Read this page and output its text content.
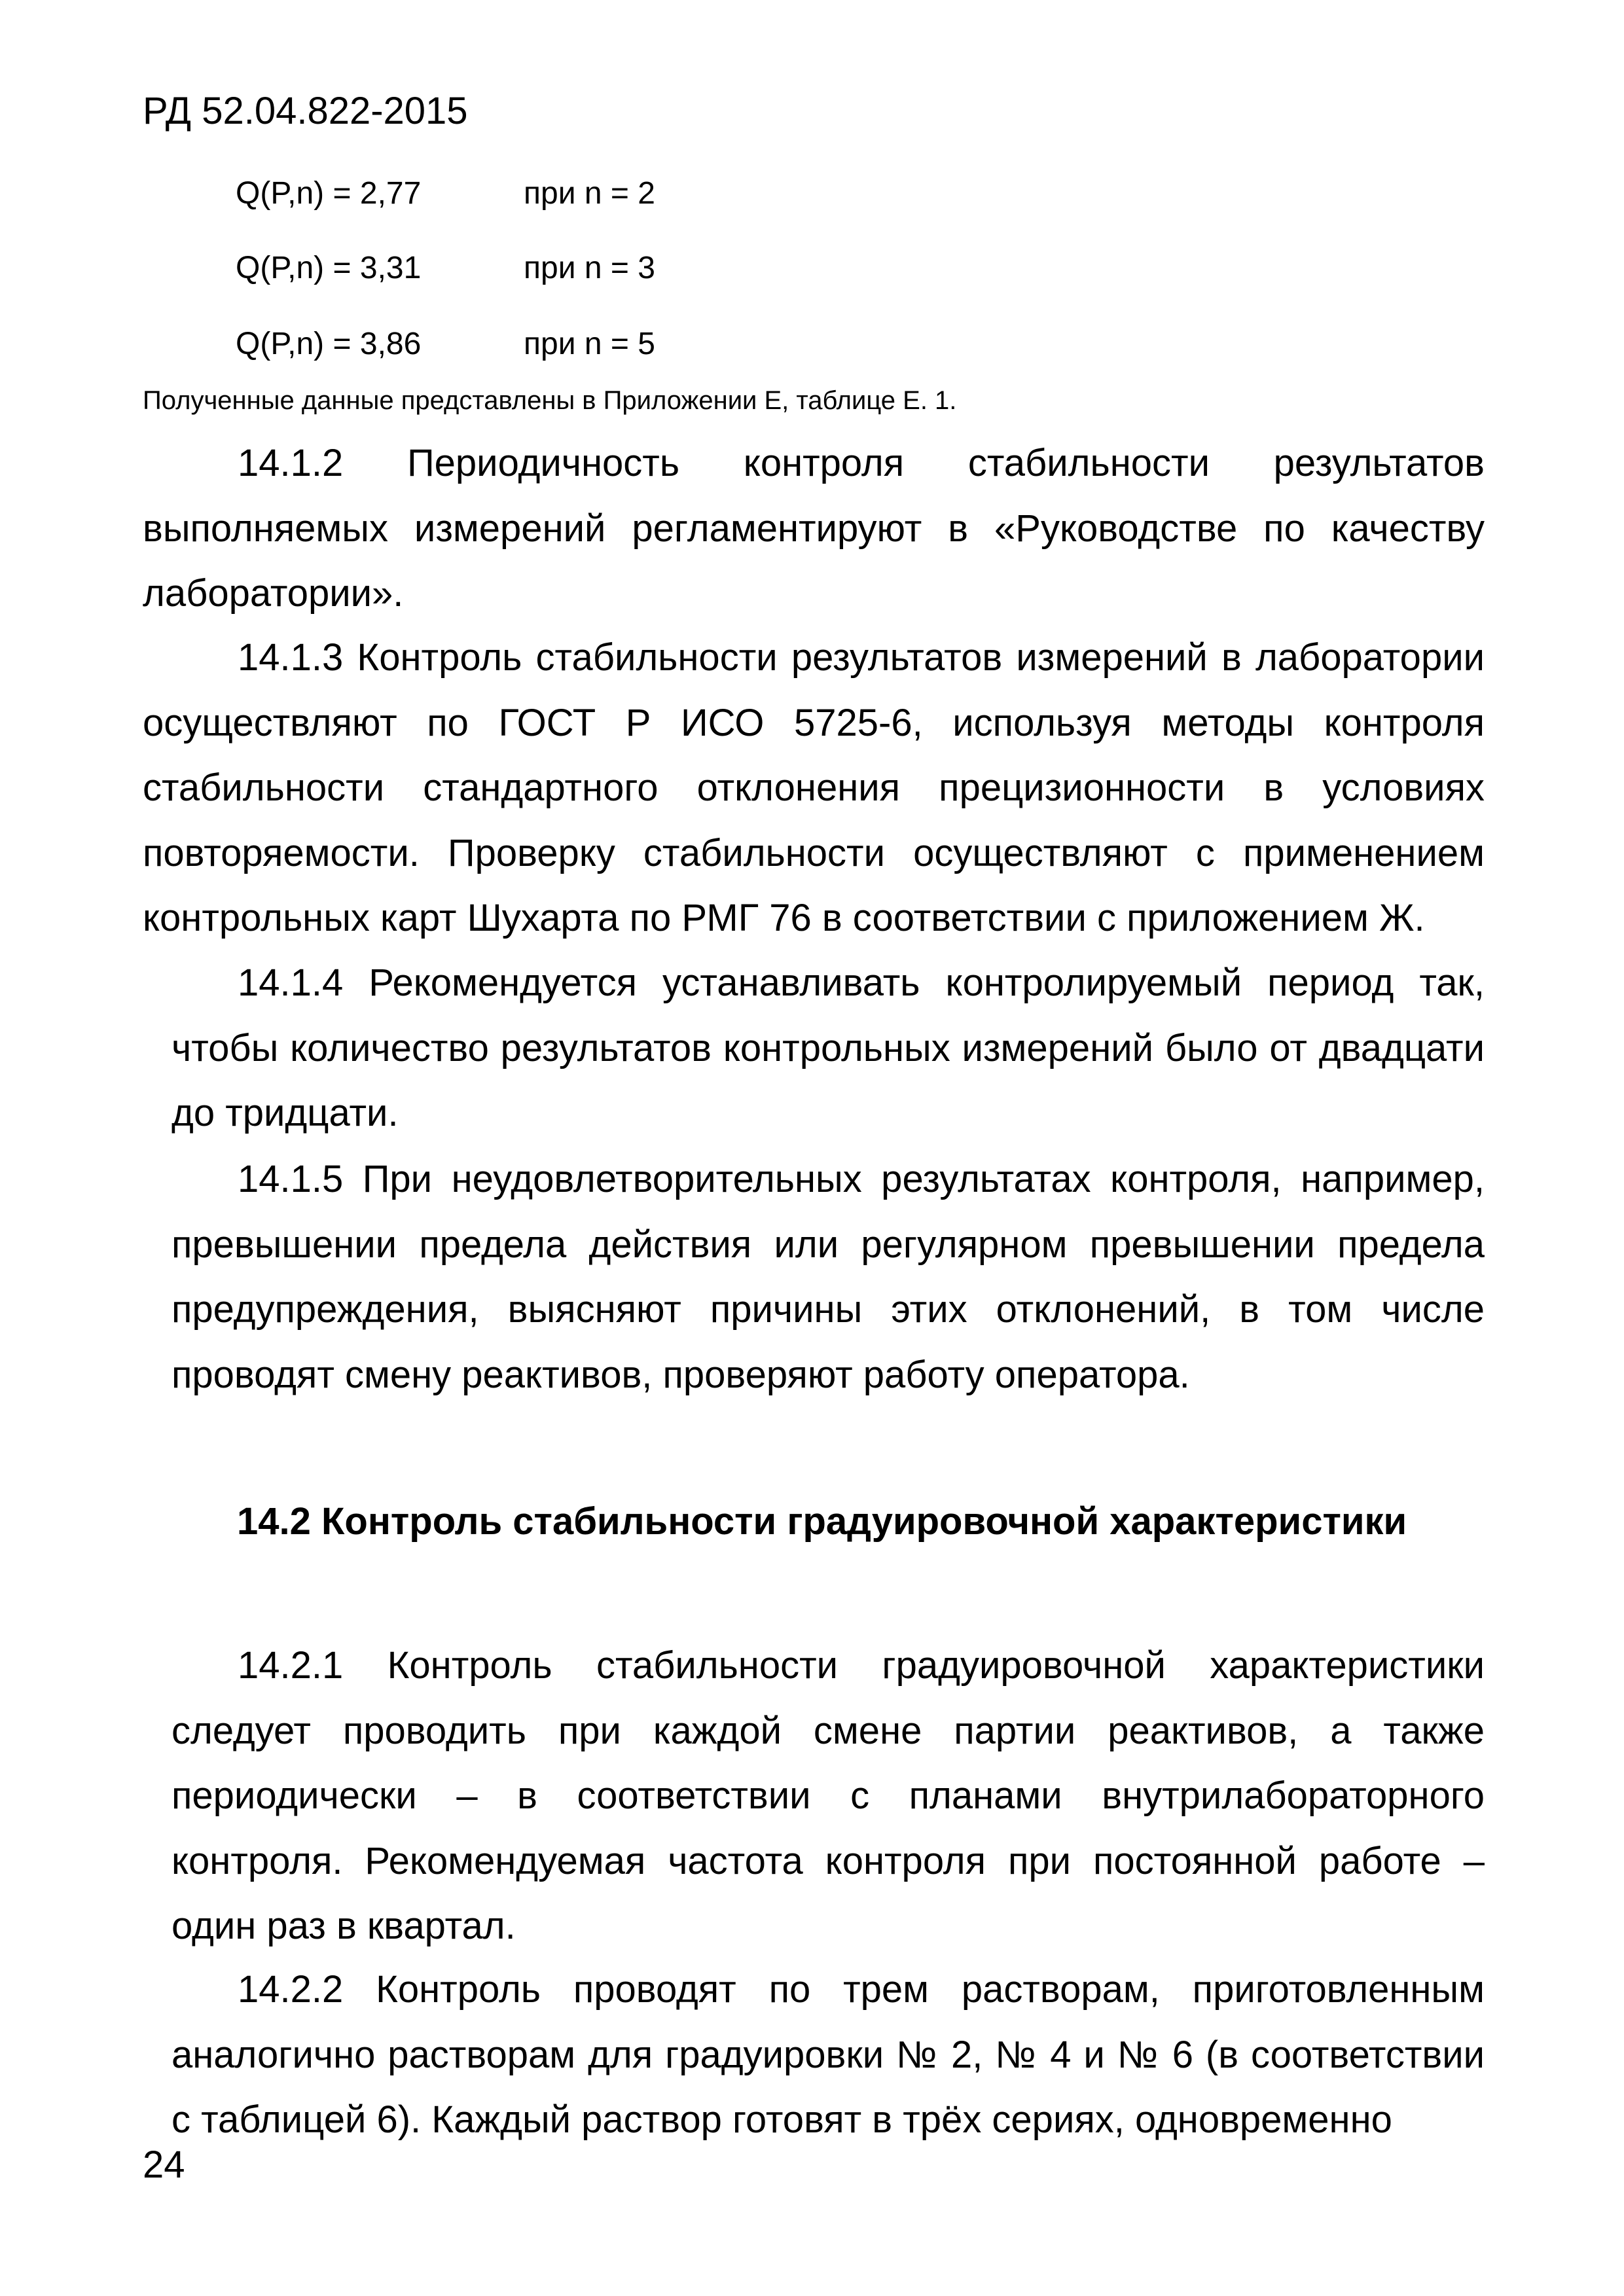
РД 52.04.822-2015
Q(P,n) = 2,77	при n = 2
Q(P,n) = 3,31	при n = 3
Q(P,n) = 3,86	при n = 5
Полученные данные представлены в Приложении Е, таблице Е. 1.

14.1.2 Периодичность контроля стабильности результатов выполняемых измерений регламентируют в «Руководстве по качеству лаборатории».

14.1.3 Контроль стабильности результатов измерений в лаборатории осуществляют по ГОСТ Р ИСО 5725-6, используя методы контроля стабильности стандартного отклонения прецизионности в условиях повторяемости. Проверку стабильности осуществляют с применением контрольных карт Шухарта по РМГ 76 в соответствии с приложением Ж.

14.1.4 Рекомендуется устанавливать контролируемый период так, чтобы количество результатов контрольных измерений было от двадцати до тридцати.

14.1.5 При неудовлетворительных результатах контроля, например, превышении предела действия или регулярном превышении предела предупреждения, выясняют причины этих отклонений, в том числе проводят смену реактивов, проверяют работу оператора.

14.2 Контроль стабильности градуировочной характеристики

14.2.1 Контроль стабильности градуировочной характеристики следует проводить при каждой смене партии реактивов, а также периодически – в соответствии с планами внутрилабораторного контроля. Рекомендуемая частота контроля при постоянной работе – один раз в квартал.

14.2.2 Контроль проводят по трем растворам, приготовленным аналогично растворам для градуировки № 2, № 4 и № 6 (в соответствии с таблицей 6). Каждый раствор готовят в трёх сериях, одновременно

24
